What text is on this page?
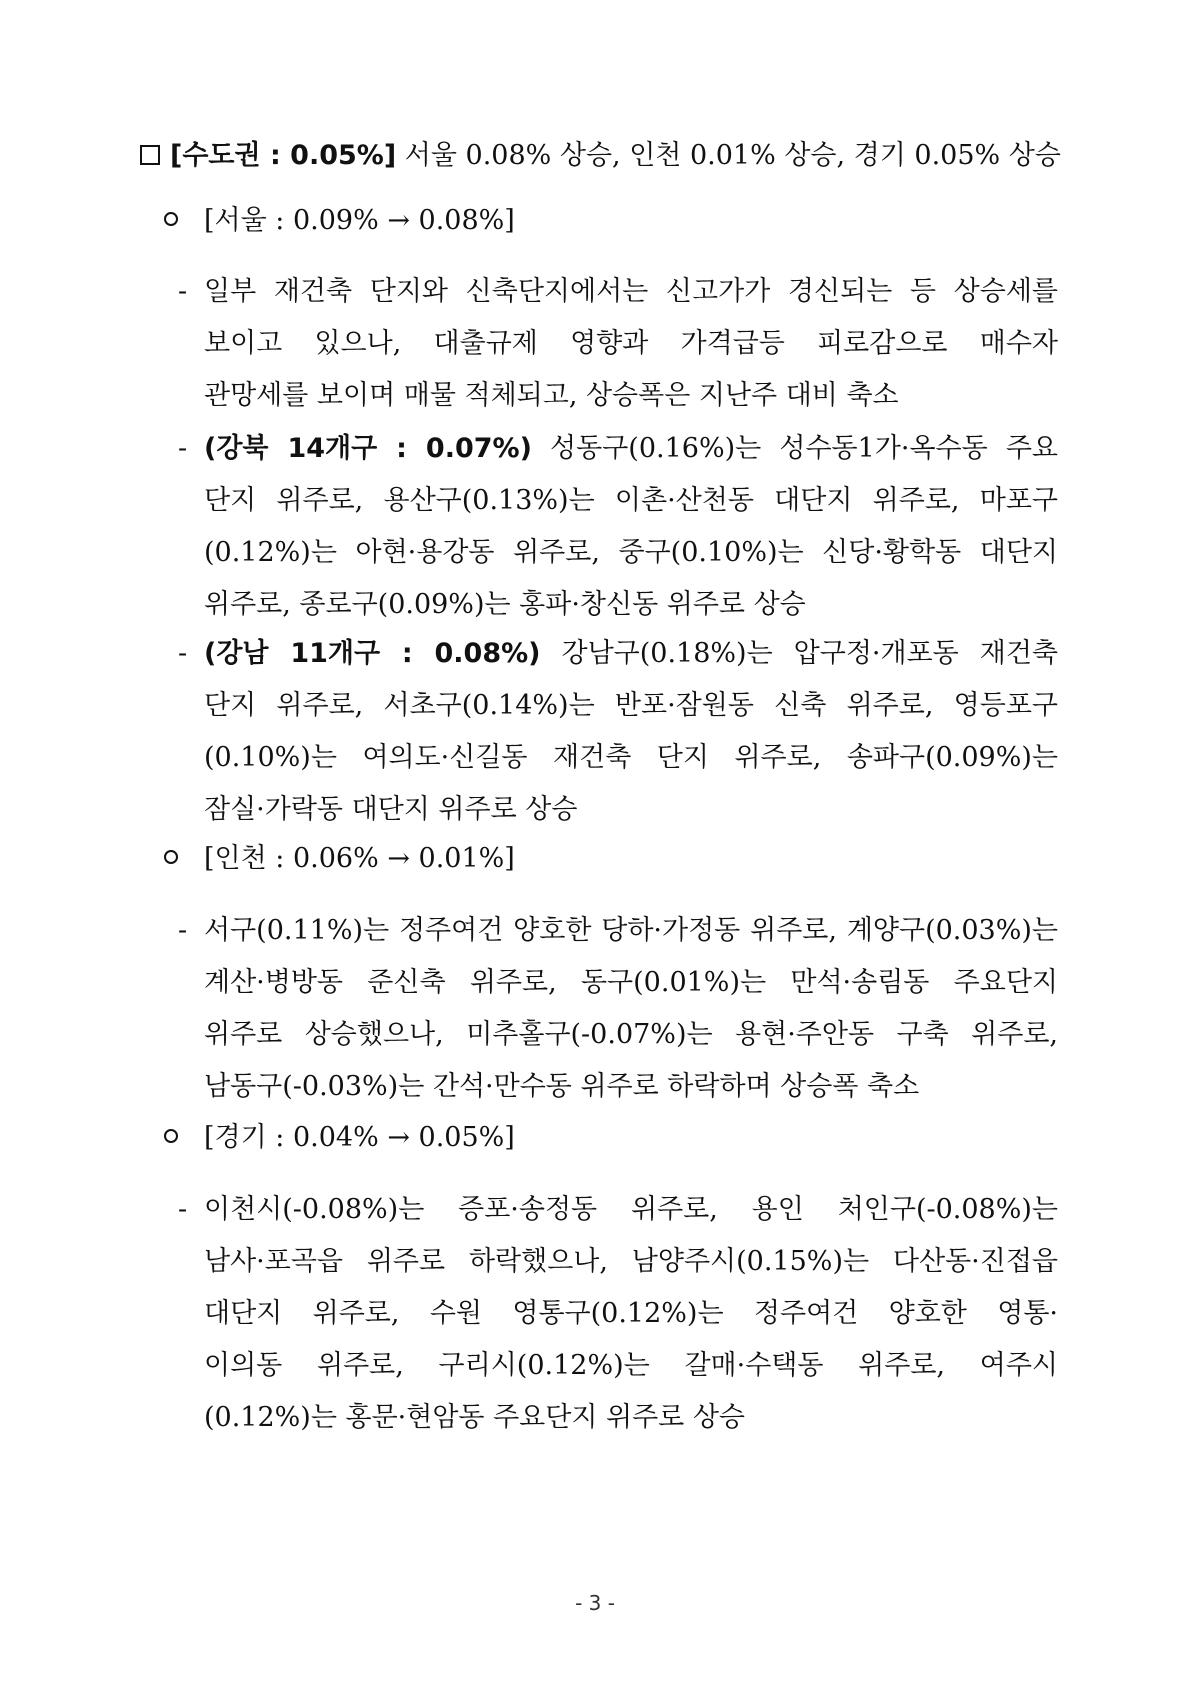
[수도권 : 0.05%] 서울 0.08% 상승, 인천 0.01% 상승, 경기 0.05% 상승
[서울 : 0.09% → 0.08%]
- 일부 재건축 단지와 신축단지에서는 신고가가 경신되는 등 상승세를
보이고 있으나, 대출규제 영향과 가격급등 피로감으로 매수자
관망세를 보이며 매물 적체되고, 상승폭은 지난주 대비 축소
- (강북 14개구 : 0.07%) 성동구(0.16%)는 성수동1가·옥수동 주요
단지 위주로, 용산구(0.13%)는 이촌·산천동 대단지 위주로, 마포구
(0.12%)는 아현·용강동 위주로, 중구(0.10%)는 신당·황학동 대단지
위주로, 종로구(0.09%)는 홍파·창신동 위주로 상승
- (강남 11개구 : 0.08%) 강남구(0.18%)는 압구정·개포동 재건축
단지 위주로, 서초구(0.14%)는 반포·잠원동 신축 위주로, 영등포구
(0.10%)는 여의도·신길동 재건축 단지 위주로, 송파구(0.09%)는
잠실·가락동 대단지 위주로 상승
[인천 : 0.06% → 0.01%]
- 서구(0.11%)는 정주여건 양호한 당하·가정동 위주로, 계양구(0.03%)는
계산·병방동 준신축 위주로, 동구(0.01%)는 만석·송림동 주요단지
위주로 상승했으나, 미추홀구(-0.07%)는 용현·주안동 구축 위주로,
남동구(-0.03%)는 간석·만수동 위주로 하락하며 상승폭 축소
[경기 : 0.04% → 0.05%]
- 이천시(-0.08%)는 증포·송정동 위주로, 용인 처인구(-0.08%)는
남사·포곡읍 위주로 하락했으나, 남양주시(0.15%)는 다산동·진접읍
대단지 위주로, 수원 영통구(0.12%)는 정주여건 양호한 영통·
이의동 위주로, 구리시(0.12%)는 갈매·수택동 위주로, 여주시
(0.12%)는 홍문·현암동 주요단지 위주로 상승
- 3 -
